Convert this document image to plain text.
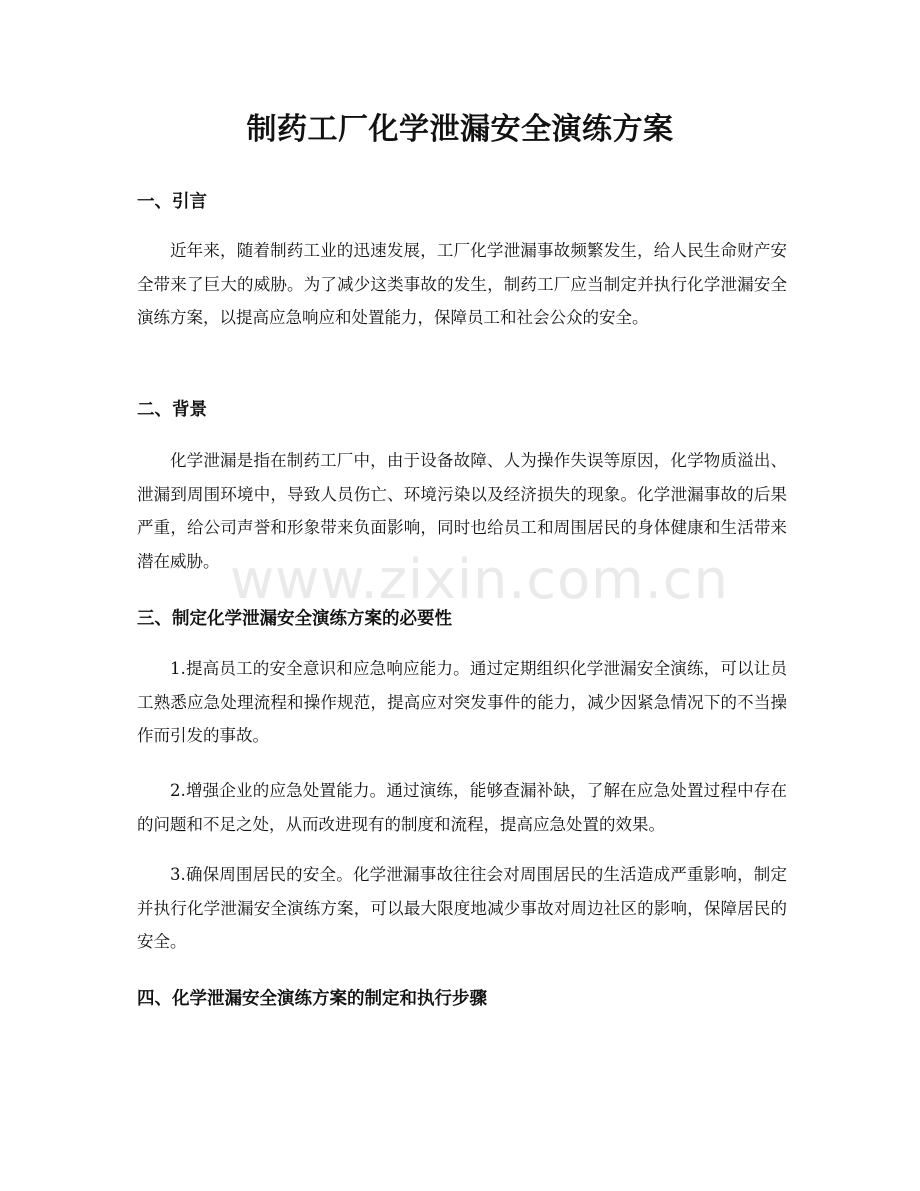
制药工厂化学泄漏安全演练方案
一、引言

近年来，随着制药工业的迅速发展，工厂化学泄漏事故频繁发生，给人民生命财产安全带来了巨大的威胁。为了减少这类事故的发生，制药工厂应当制定并执行化学泄漏安全演练方案，以提高应急响应和处置能力，保障员工和社会公众的安全。

二、背景

化学泄漏是指在制药工厂中，由于设备故障、人为操作失误等原因，化学物质溢出、泄漏到周围环境中，导致人员伤亡、环境污染以及经济损失的现象。化学泄漏事故的后果严重，给公司声誉和形象带来负面影响，同时也给员工和周围居民的身体健康和生活带来潜在威胁。

三、制定化学泄漏安全演练方案的必要性

1.提高员工的安全意识和应急响应能力。通过定期组织化学泄漏安全演练，可以让员工熟悉应急处理流程和操作规范，提高应对突发事件的能力，减少因紧急情况下的不当操作而引发的事故。

2.增强企业的应急处置能力。通过演练，能够查漏补缺，了解在应急处置过程中存在的问题和不足之处，从而改进现有的制度和流程，提高应急处置的效果。

3.确保周围居民的安全。化学泄漏事故往往会对周围居民的生活造成严重影响，制定并执行化学泄漏安全演练方案，可以最大限度地减少事故对周边社区的影响，保障居民的安全。

四、化学泄漏安全演练方案的制定和执行步骤
www.zixin.com.cn
